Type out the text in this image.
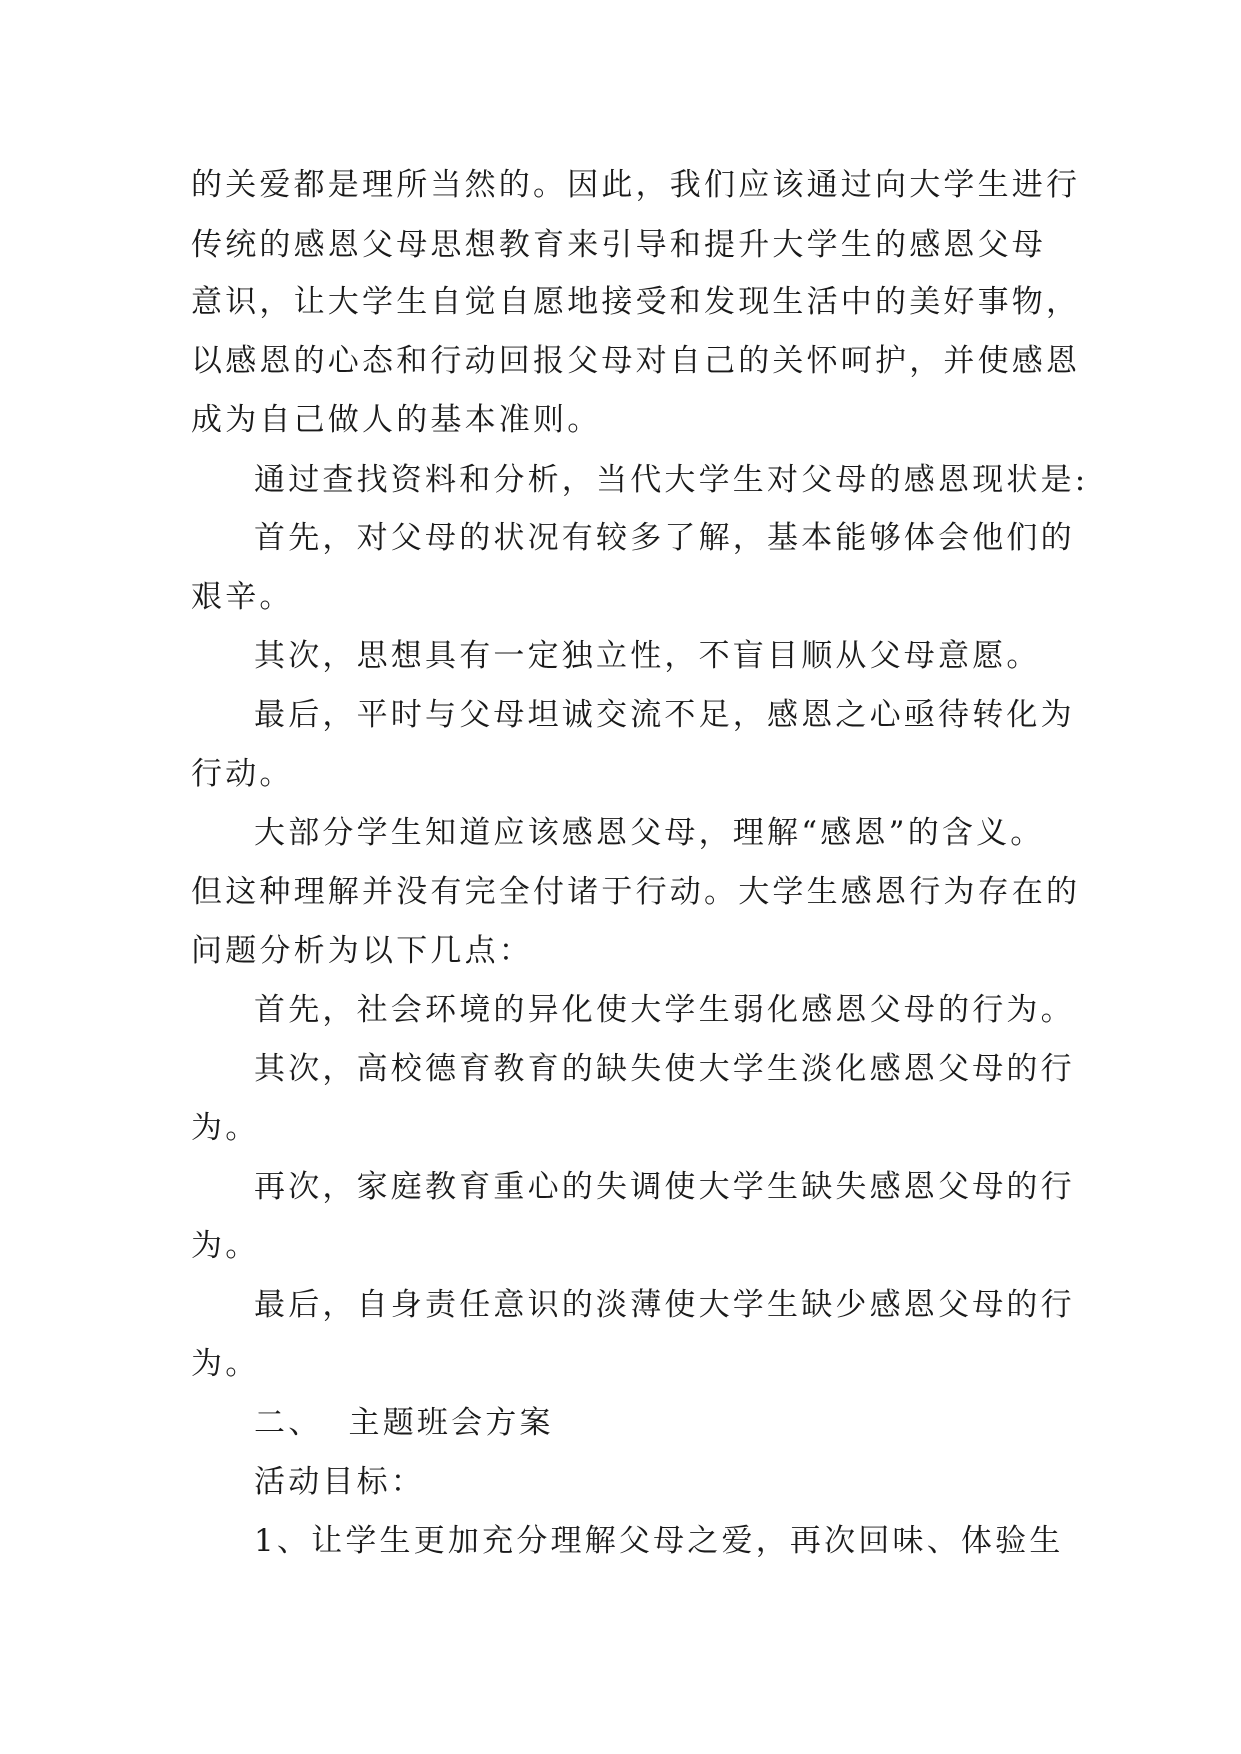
的关爱都是理所当然的。因此，我们应该通过向大学生进行
传统的感恩父母思想教育来引导和提升大学生的感恩父母
意识，让大学生自觉自愿地接受和发现生活中的美好事物，
以感恩的心态和行动回报父母对自己的关怀呵护，并使感恩
成为自己做人的基本准则。
通过查找资料和分析，当代大学生对父母的感恩现状是:
首先，对父母的状况有较多了解，基本能够体会他们的
艰辛。
其次，思想具有一定独立性，不盲目顺从父母意愿。
最后，平时与父母坦诚交流不足，感恩之心亟待转化为
行动。
大部分学生知道应该感恩父母，理解“感恩”的含义。
但这种理解并没有完全付诸于行动。大学生感恩行为存在的
问题分析为以下几点：
首先，社会环境的异化使大学生弱化感恩父母的行为。
其次，高校德育教育的缺失使大学生淡化感恩父母的行
为。
再次，家庭教育重心的失调使大学生缺失感恩父母的行
为。
最后，自身责任意识的淡薄使大学生缺少感恩父母的行
为。
二、  主题班会方案
活动目标：
1、让学生更加充分理解父母之爱，再次回味、体验生
